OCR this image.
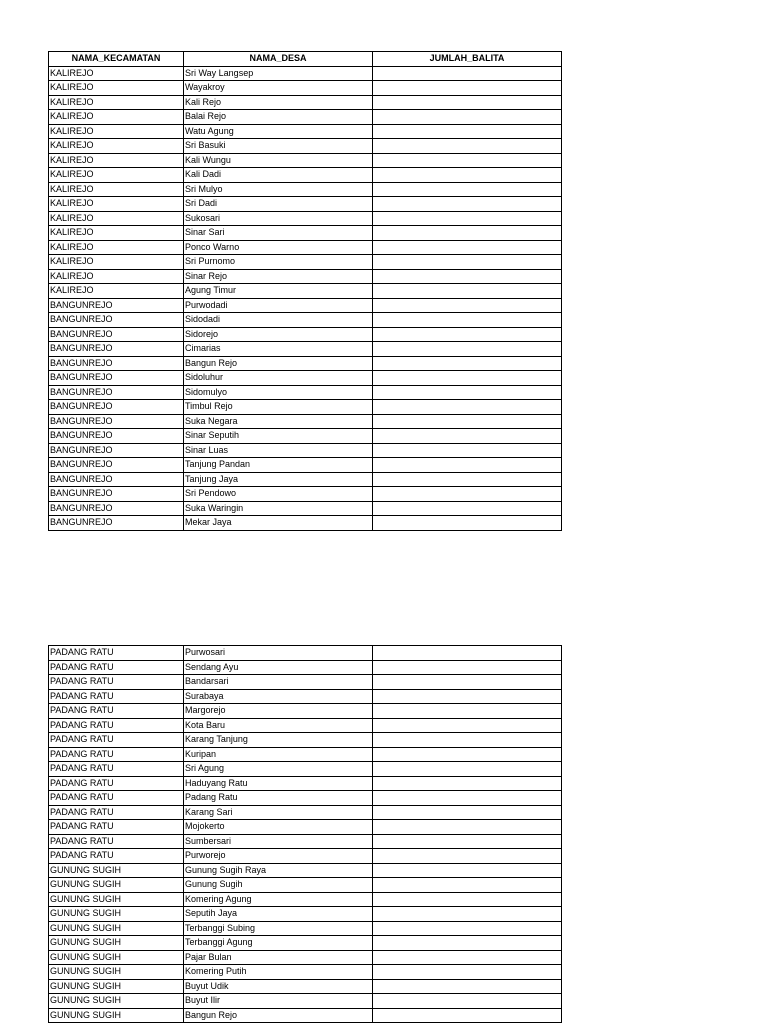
NAMA_KECAMATAN	NAMA_DESA	JUMLAH_BALITA
KALIREJO	Sri Way Langsep	
KALIREJO	Wayakroy	
KALIREJO	Kali Rejo	
KALIREJO	Balai Rejo	
KALIREJO	Watu Agung	
KALIREJO	Sri Basuki	
KALIREJO	Kali Wungu	
KALIREJO	Kali Dadi	
KALIREJO	Sri Mulyo	
KALIREJO	Sri Dadi	
KALIREJO	Sukosari	
KALIREJO	Sinar Sari	
KALIREJO	Ponco Warno	
KALIREJO	Sri Purnomo	
KALIREJO	Sinar Rejo	
KALIREJO	Agung Timur	
BANGUNREJO	Purwodadi	
BANGUNREJO	Sidodadi	
BANGUNREJO	Sidorejo	
BANGUNREJO	Cimarias	
BANGUNREJO	Bangun Rejo	
BANGUNREJO	Sidoluhur	
BANGUNREJO	Sidomulyo	
BANGUNREJO	Timbul Rejo	
BANGUNREJO	Suka Negara	
BANGUNREJO	Sinar Seputih	
BANGUNREJO	Sinar Luas	
BANGUNREJO	Tanjung Pandan	
BANGUNREJO	Tanjung Jaya	
BANGUNREJO	Sri Pendowo	
BANGUNREJO	Suka Waringin	
BANGUNREJO	Mekar Jaya	
PADANG RATU	Purwosari	
PADANG RATU	Sendang Ayu	
PADANG RATU	Bandarsari	
PADANG RATU	Surabaya	
PADANG RATU	Margorejo	
PADANG RATU	Kota Baru	
PADANG RATU	Karang Tanjung	
PADANG RATU	Kuripan	
PADANG RATU	Sri Agung	
PADANG RATU	Haduyang Ratu	
PADANG RATU	Padang Ratu	
PADANG RATU	Karang Sari	
PADANG RATU	Mojokerto	
PADANG RATU	Sumbersari	
PADANG RATU	Purworejo	
GUNUNG SUGIH	Gunung Sugih Raya	
GUNUNG SUGIH	Gunung Sugih	
GUNUNG SUGIH	Komering Agung	
GUNUNG SUGIH	Seputih Jaya	
GUNUNG SUGIH	Terbanggi Subing	
GUNUNG SUGIH	Terbanggi Agung	
GUNUNG SUGIH	Pajar Bulan	
GUNUNG SUGIH	Komering Putih	
GUNUNG SUGIH	Buyut Udik	
GUNUNG SUGIH	Buyut Ilir	
GUNUNG SUGIH	Bangun Rejo	
